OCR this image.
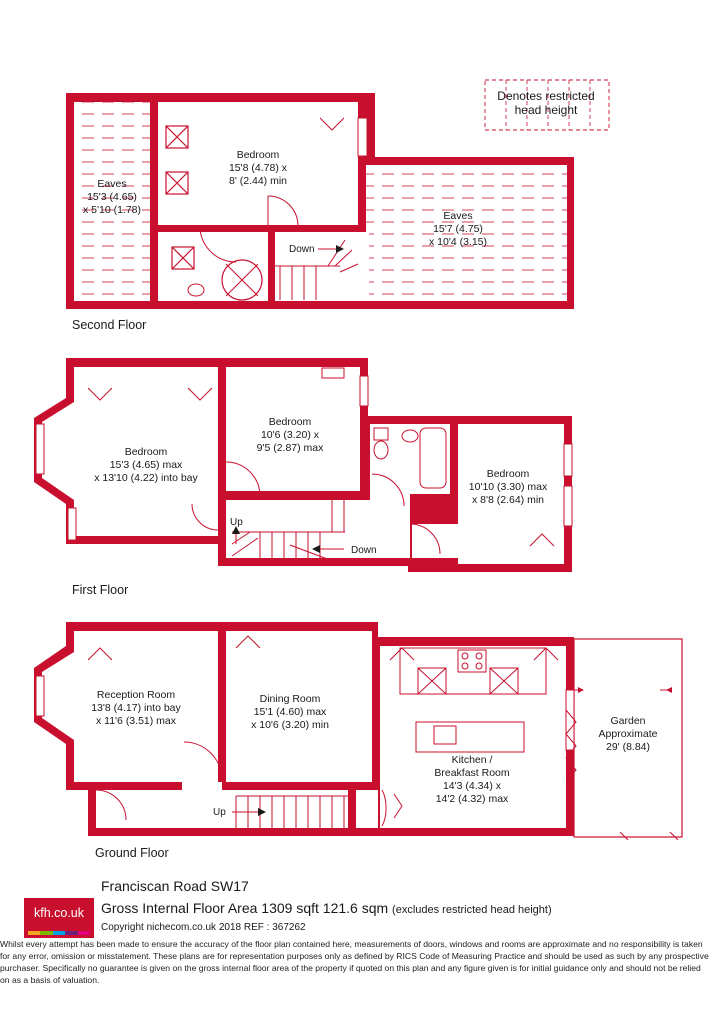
Denotes restricted
head height
Down
Eaves
15'3 (4.65)
x 5'10 (1.78)
Bedroom
15'8 (4.78) x
8' (2.44) min
Eaves
15'7 (4.75)
x 10'4 (3.15)
Second Floor
Up
Down
Bedroom
15'3 (4.65) max
x 13'10 (4.22) into bay
Bedroom
10'6 (3.20) x
9'5 (2.87) max
Bedroom
10'10 (3.30) max
x 8'8 (2.64) min
First Floor
Up
Reception Room
13'8 (4.17) into bay
x 11'6 (3.51) max
Dining Room
15'1 (4.60) max
x 10'6 (3.20) min
Kitchen /
Breakfast Room
14'3 (4.34) x
14'2 (4.32) max
Garden
Approximate
29' (8.84)
Ground Floor
kfh.co.uk
Franciscan Road SW17
Gross Internal Floor Area 1309 sqft 121.6 sqm (excludes restricted head height)
Copyright nichecom.co.uk 2018 REF : 367262
Whilst every attempt has been made to ensure the accuracy of the floor plan contained here, measurements of doors, windows and rooms are approximate and no responsibility is taken for any error, omission or misstatement. These plans are for representation purposes only as defined by RICS Code of Measuring Practice and should be used as such by any prospective purchaser. Specifically no guarantee is given on the gross internal floor area of the property if quoted on this plan and any figure given is for initial guidance only and should not be relied on as a basis of valuation.
